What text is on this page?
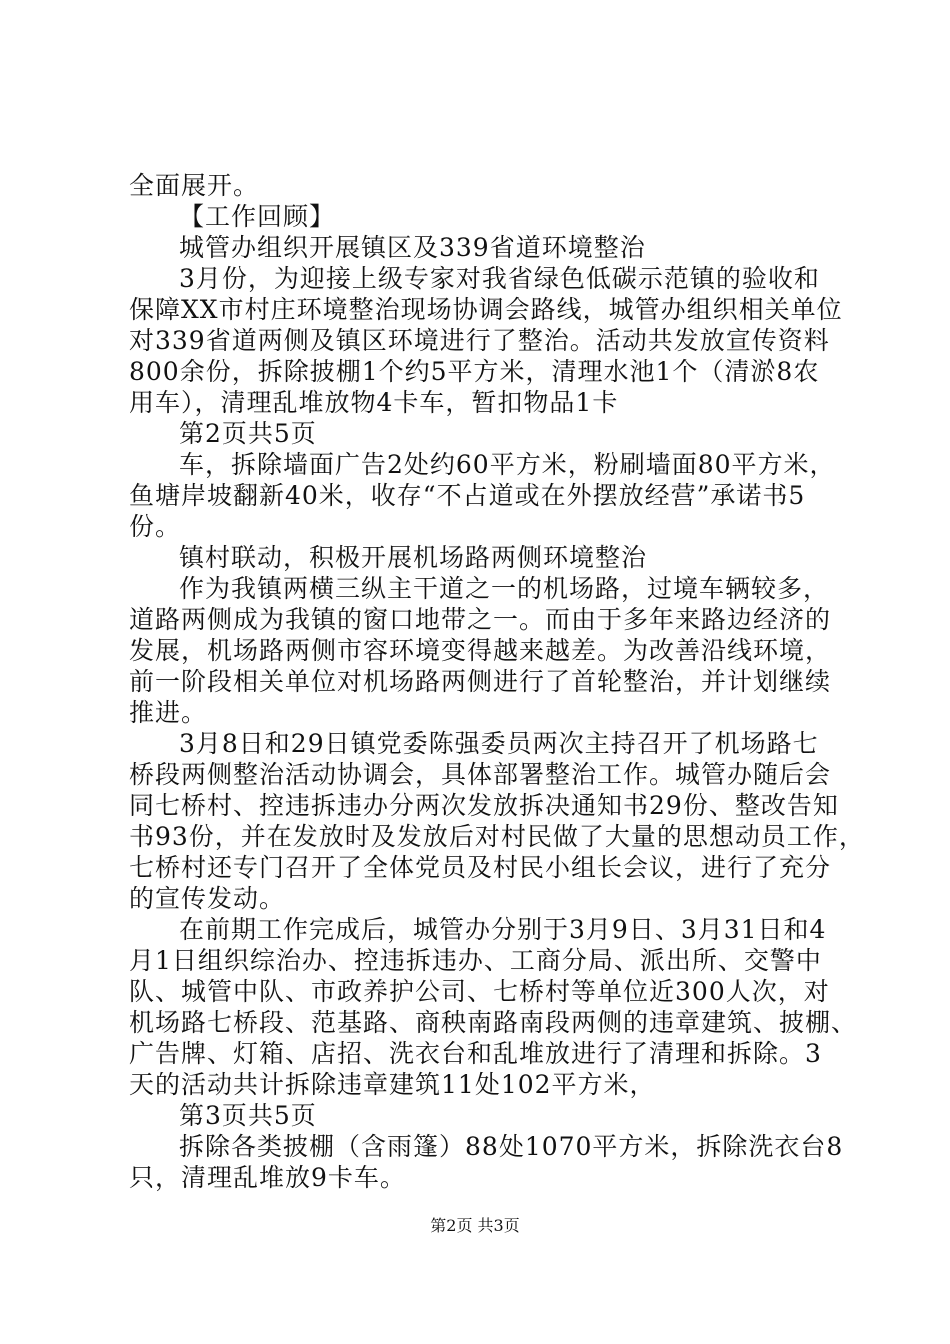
全面展开。
【工作回顾】
城管办组织开展镇区及339省道环境整治
3月份，为迎接上级专家对我省绿色低碳示范镇的验收和
保障XX市村庄环境整治现场协调会路线，城管办组织相关单位
对339省道两侧及镇区环境进行了整治。活动共发放宣传资料
800余份，拆除披棚1个约5平方米，清理水池1个（清淤8农
用车），清理乱堆放物4卡车，暂扣物品1卡
第2页共5页
车，拆除墙面广告2处约60平方米，粉刷墙面80平方米，
鱼塘岸坡翻新40米，收存“不占道或在外摆放经营”承诺书5
份。
镇村联动，积极开展机场路两侧环境整治
作为我镇两横三纵主干道之一的机场路，过境车辆较多，
道路两侧成为我镇的窗口地带之一。而由于多年来路边经济的
发展，机场路两侧市容环境变得越来越差。为改善沿线环境，
前一阶段相关单位对机场路两侧进行了首轮整治，并计划继续
推进。
3月8日和29日镇党委陈强委员两次主持召开了机场路七
桥段两侧整治活动协调会，具体部署整治工作。城管办随后会
同七桥村、控违拆违办分两次发放拆决通知书29份、整改告知
书93份，并在发放时及发放后对村民做了大量的思想动员工作，
七桥村还专门召开了全体党员及村民小组长会议，进行了充分
的宣传发动。
在前期工作完成后，城管办分别于3月9日、3月31日和4
月1日组织综治办、控违拆违办、工商分局、派出所、交警中
队、城管中队、市政养护公司、七桥村等单位近300人次，对
机场路七桥段、范基路、商秧南路南段两侧的违章建筑、披棚、
广告牌、灯箱、店招、洗衣台和乱堆放进行了清理和拆除。3
天的活动共计拆除违章建筑11处102平方米，
第3页共5页
拆除各类披棚（含雨篷）88处1070平方米，拆除洗衣台8
只，清理乱堆放9卡车。
第2页 共3页
